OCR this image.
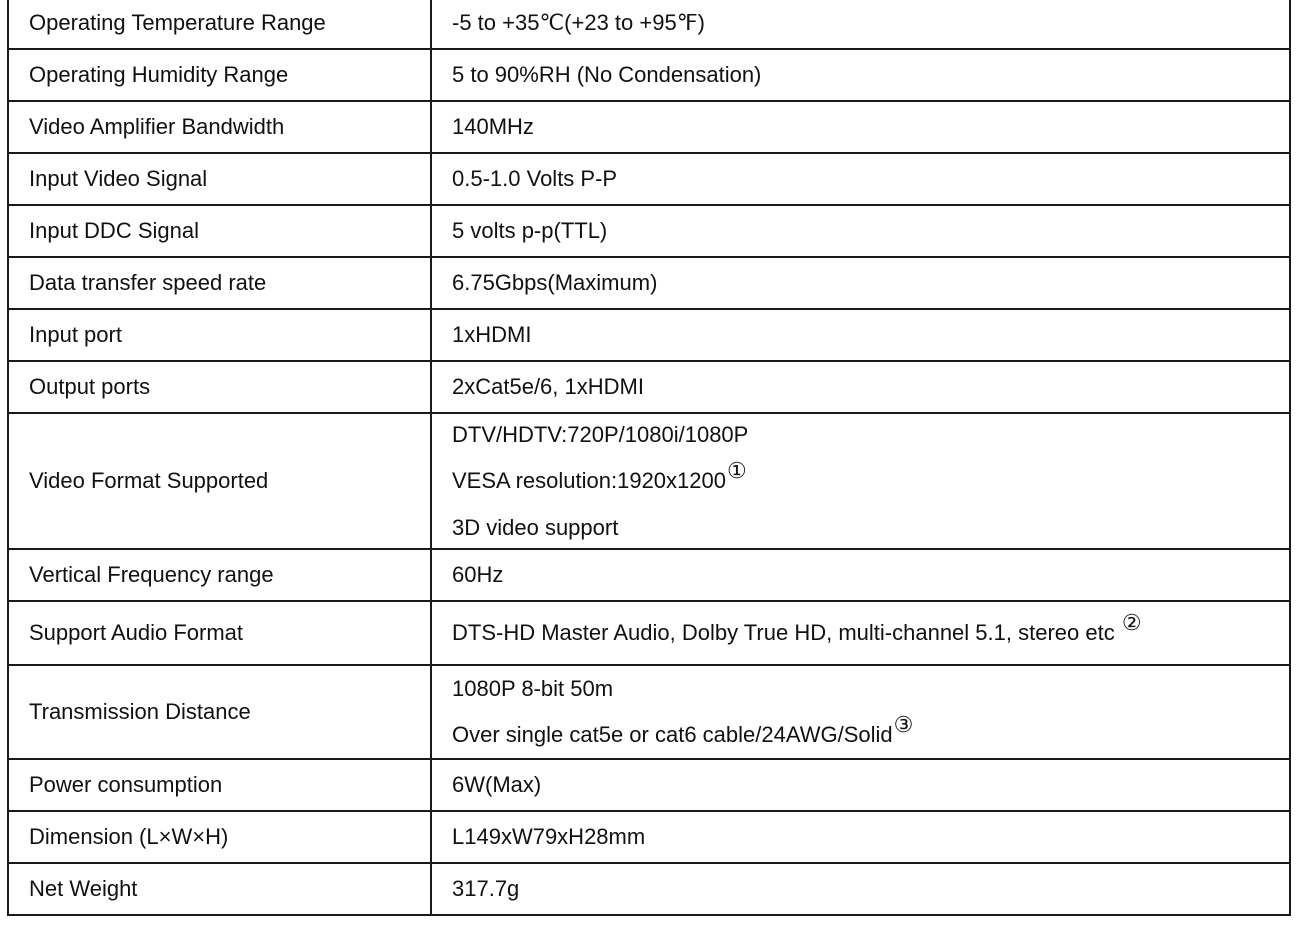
Operating Temperature Range	-5 to +35℃(+23 to +95℉)

Operating Humidity Range	5 to 90%RH (No Condensation)

Video Amplifier Bandwidth	140MHz

Input Video Signal	0.5-1.0 Volts P-P

Input DDC Signal	5 volts p-p(TTL)

Data transfer speed rate	6.75Gbps(Maximum)

Input port	1xHDMI

Output ports	2xCat5e/6, 1xHDMI

Video Format Supported	DTV/HDTV:720P/1080i/1080P
VESA resolution:1920x1200①
3D video support

Vertical Frequency range	60Hz

Support Audio Format	DTS-HD Master Audio, Dolby True HD, multi-channel 5.1, stereo etc ②

Transmission Distance	1080P 8-bit 50m
Over single cat5e or cat6 cable/24AWG/Solid③

Power consumption	6W(Max)

Dimension (L×W×H)	L149xW79xH28mm

Net Weight	317.7g
